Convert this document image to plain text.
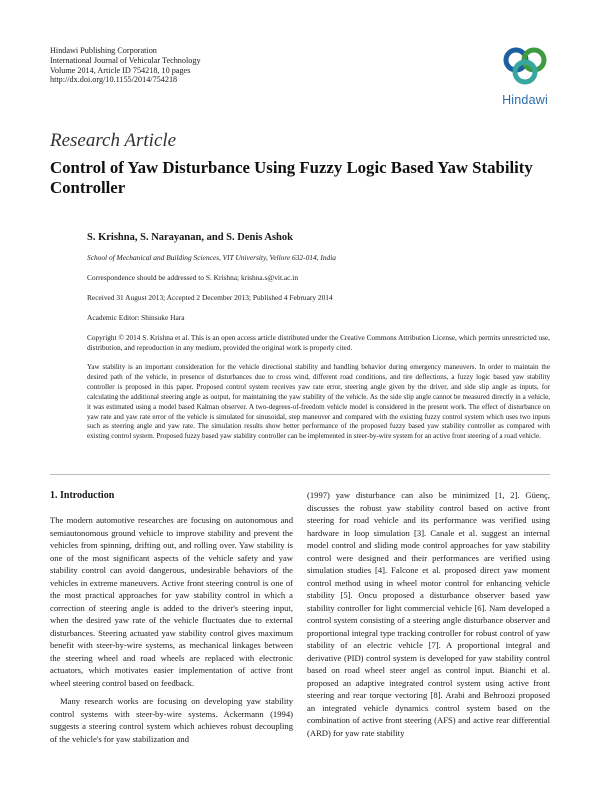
Hindawi Publishing Corporation
International Journal of Vehicular Technology
Volume 2014, Article ID 754218, 10 pages
http://dx.doi.org/10.1155/2014/754218
Hindawi
Research Article
Control of Yaw Disturbance Using Fuzzy Logic Based Yaw Stability Controller
S. Krishna, S. Narayanan, and S. Denis Ashok
School of Mechanical and Building Sciences, VIT University, Vellore 632-014, India
Correspondence should be addressed to S. Krishna; krishna.s@vit.ac.in
Received 31 August 2013; Accepted 2 December 2013; Published 4 February 2014
Academic Editor: Shinsuke Hara
Copyright © 2014 S. Krishna et al. This is an open access article distributed under the Creative Commons Attribution License, which permits unrestricted use, distribution, and reproduction in any medium, provided the original work is properly cited.
Yaw stability is an important consideration for the vehicle directional stability and handling behavior during emergency maneuvers. In order to maintain the desired path of the vehicle, in presence of disturbances due to cross wind, different road conditions, and tire deflections, a fuzzy logic based yaw stability controller is proposed in this paper. Proposed control system receives yaw rate error, steering angle given by the driver, and side slip angle as inputs, for calculating the additional steering angle as output, for maintaining the yaw stability of the vehicle. As the side slip angle cannot be measured directly in a vehicle, it was estimated using a model based Kalman observer. A two-degrees-of-freedom vehicle model is considered in the present work. The effect of disturbance on yaw rate and yaw rate error of the vehicle is simulated for sinusoidal, step maneuver and compared with the existing fuzzy control system which uses two inputs such as steering angle and yaw rate. The simulation results show better performance of the proposed fuzzy based yaw stability controller as compared with existing control system. Proposed fuzzy based yaw stability controller can be implemented in steer-by-wire system for an active front steering of a road vehicle.
1. Introduction

The modern automotive researches are focusing on autonomous and semiautonomous ground vehicle to improve stability and prevent the vehicles from spinning, drifting out, and rolling over. Yaw stability is one of the most significant aspects of the vehicle safety and yaw stability control can avoid dangerous, undesirable behaviors of the vehicles in extreme maneuvers. Active front steering control is one of the most practical approaches for yaw stability control in which a correction of steering angle is added to the driver's steering input, when the desired yaw rate of the vehicle fluctuates due to external disturbances. Steering actuated yaw stability control gives maximum benefit with steer-by-wire systems, as mechanical linkages between the steering wheel and road wheels are replaced with electronic actuators, which motivates easier implementation of active front wheel steering control based on feedback.

Many research works are focusing on developing yaw stability control systems with steer-by-wire systems. Ackermann (1994) suggests a steering control system which achieves robust decoupling of the vehicle's for yaw stabilization and

(1997) yaw disturbance can also be minimized [1, 2]. Güenç, discusses the robust yaw stability control based on active front steering for road vehicle and its performance was verified using hardware in loop simulation [3]. Canale et al. suggest an internal model control and sliding mode control approaches for yaw stability control were designed and their performances are verified using simulation studies [4]. Falcone et al. proposed direct yaw moment control method using in wheel motor control for enhancing vehicle stability [5]. Oncu proposed a disturbance observer based yaw stability controller for light commercial vehicle [6]. Nam developed a control system consisting of a steering angle disturbance observer and proportional integral type tracking controller for robust control of yaw stability of an electric vehicle [7]. A proportional integral and derivative (PID) control system is developed for yaw stability control based on road wheel steer angel as control input. Bianchi et al. proposed an adaptive integrated control system using active front steering and rear torque vectoring [8]. Arabi and Behroozi proposed an integrated vehicle dynamics control system based on the combination of active front steering (AFS) and active rear differential (ARD) for yaw rate stability
